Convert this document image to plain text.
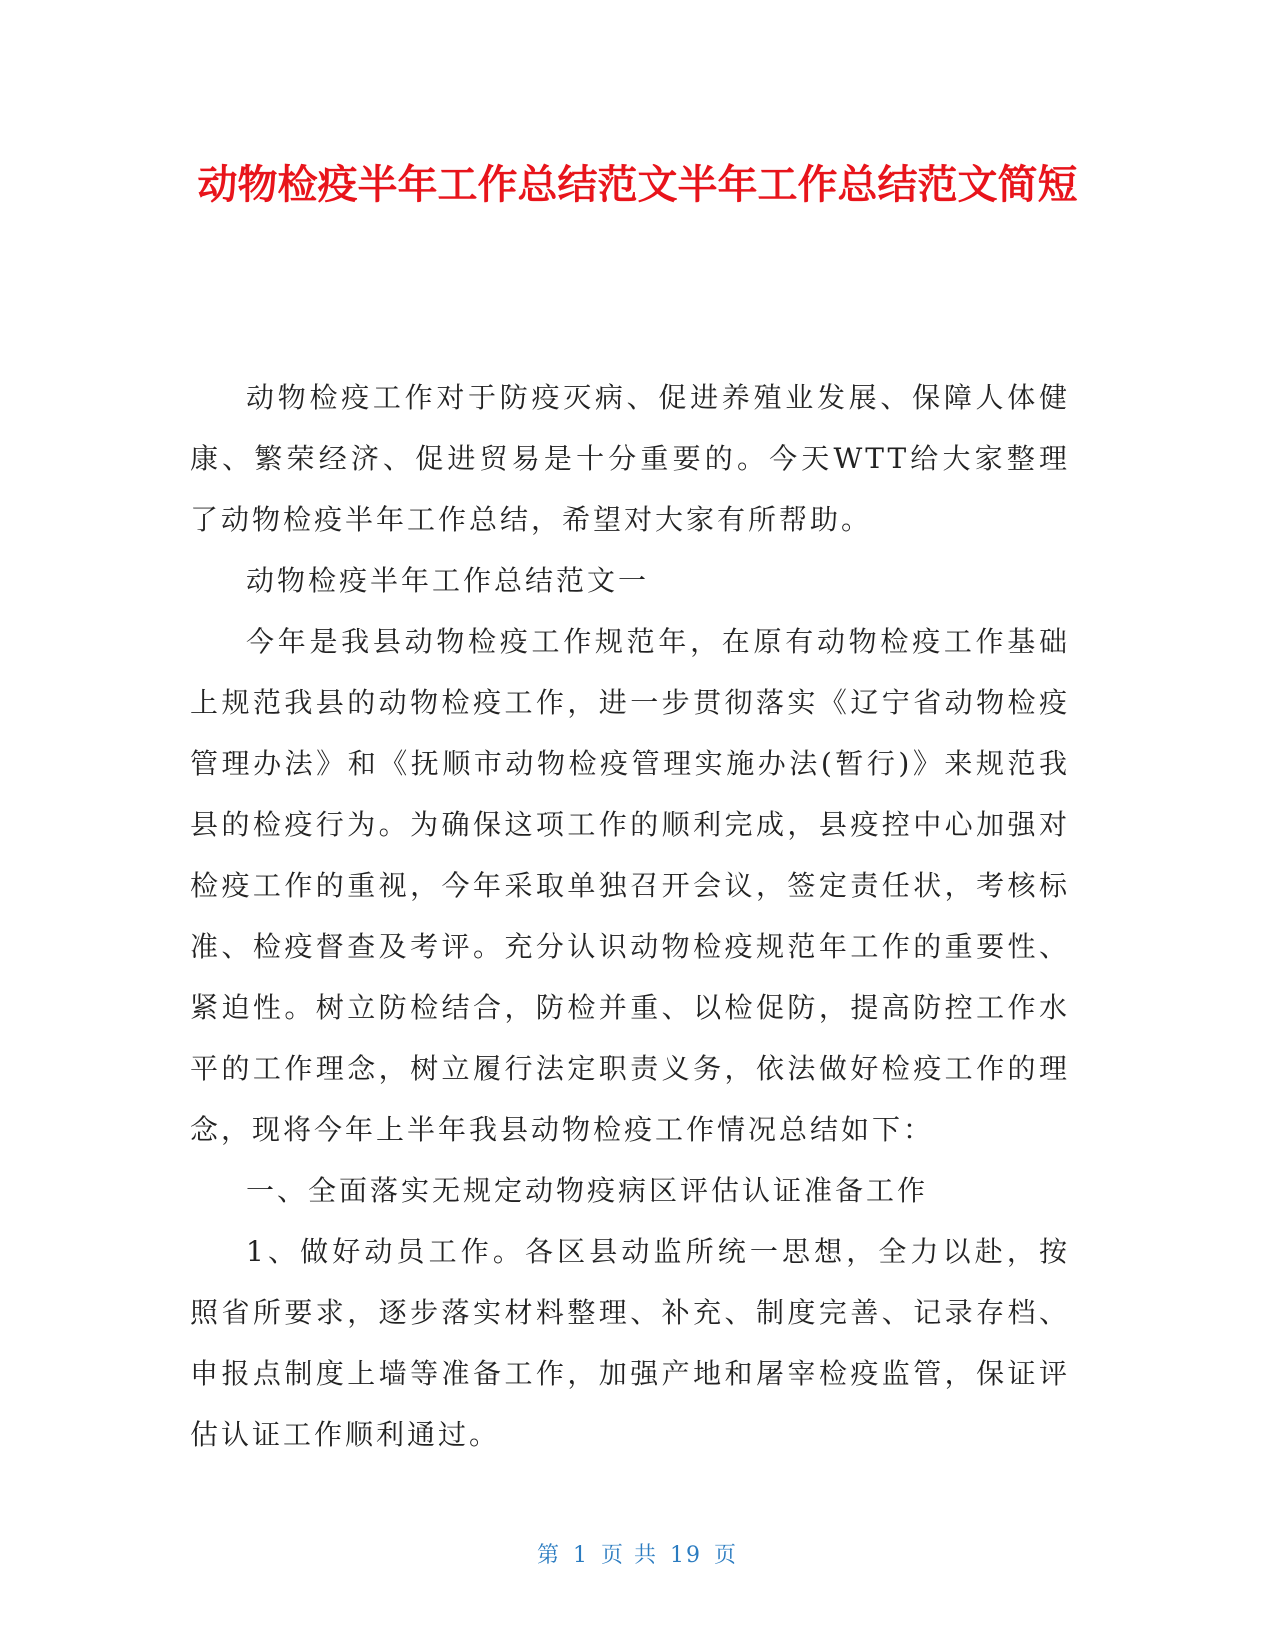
动物检疫半年工作总结范文半年工作总结范文简短

动物检疫工作对于防疫灭病、促进养殖业发展、保障人体健康、繁荣经济、促进贸易是十分重要的。今天WTT给大家整理了动物检疫半年工作总结，希望对大家有所帮助。

动物检疫半年工作总结范文一

今年是我县动物检疫工作规范年，在原有动物检疫工作基础上规范我县的动物检疫工作，进一步贯彻落实《辽宁省动物检疫管理办法》和《抚顺市动物检疫管理实施办法(暂行)》来规范我县的检疫行为。为确保这项工作的顺利完成，县疫控中心加强对检疫工作的重视，今年采取单独召开会议，签定责任状，考核标准、检疫督查及考评。充分认识动物检疫规范年工作的重要性、紧迫性。树立防检结合，防检并重、以检促防，提高防控工作水平的工作理念，树立履行法定职责义务，依法做好检疫工作的理念，现将今年上半年我县动物检疫工作情况总结如下：

一、全面落实无规定动物疫病区评估认证准备工作

1、做好动员工作。各区县动监所统一思想，全力以赴，按照省所要求，逐步落实材料整理、补充、制度完善、记录存档、申报点制度上墙等准备工作，加强产地和屠宰检疫监管，保证评估认证工作顺利通过。

第 1 页 共 19 页
